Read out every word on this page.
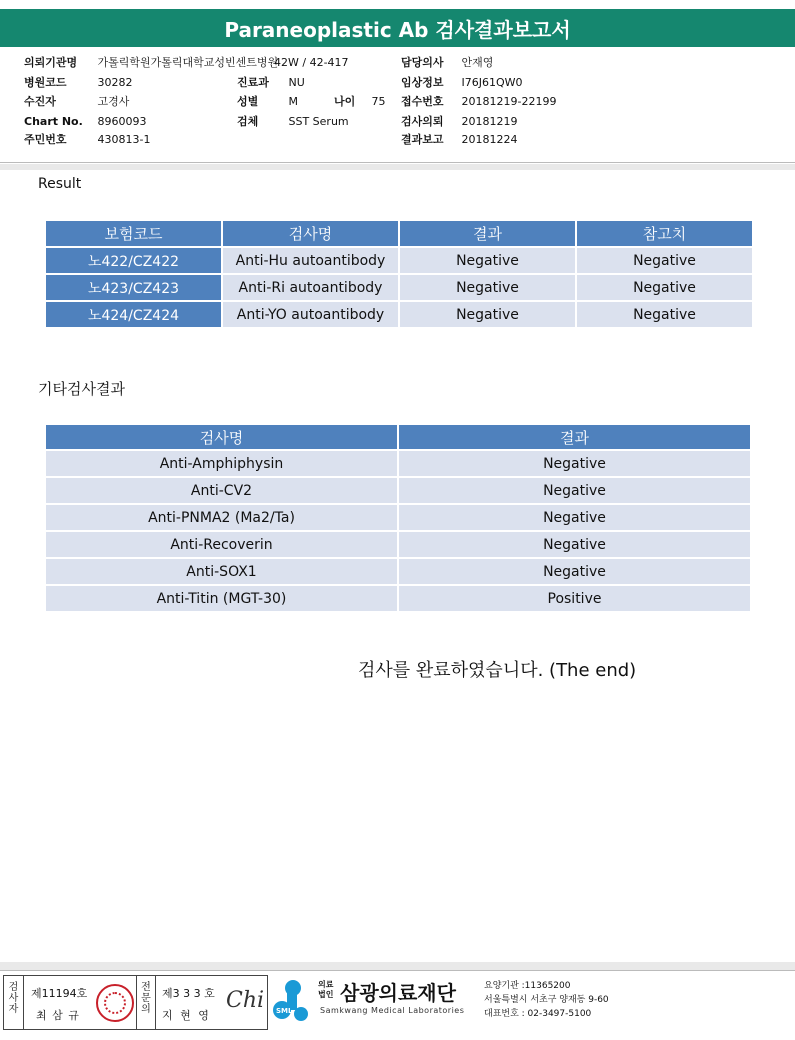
Paraneoplastic Ab 검사결과보고서
의뢰기관명 가톨릭학원가톨릭대학교성빈센트병원
42W / 42-417
병원코드	30282
수진자	고경사
Chart No. 8960093
주민번호	430813-1
진료과 NU
성별	M	나이 75
검체	SST Serum
담당의사 안재영
임상정보 I76J61QW0
접수번호 20181219-22199
검사의뢰 20181219
결과보고 20181224
Result
보험코드	검사명	결과	참고치
노422/CZ422	Anti-Hu autoantibody	Negative	Negative
노423/CZ423	Anti-Ri autoantibody	Negative	Negative
노424/CZ424	Anti-YO autoantibody	Negative	Negative
기타검사결과
검사명	결과
Anti-Amphiphysin	Negative
Anti-CV2	Negative
Anti-PNMA2 (Ma2/Ta)	Negative
Anti-Recoverin	Negative
Anti-SOX1	Negative
Anti-Titin (MGT-30)	Positive
검사를 완료하였습니다. (The end)
검사자
제11194호
최 삼 규
전문의
제3 3 3 호
지 현 영
Chi SML
의료법인 삼광의료재단
Samkwang Medical Laboratories
요양기관 :11365200
서울특별시 서초구 양재동 9-60
대표번호 : 02-3497-5100
